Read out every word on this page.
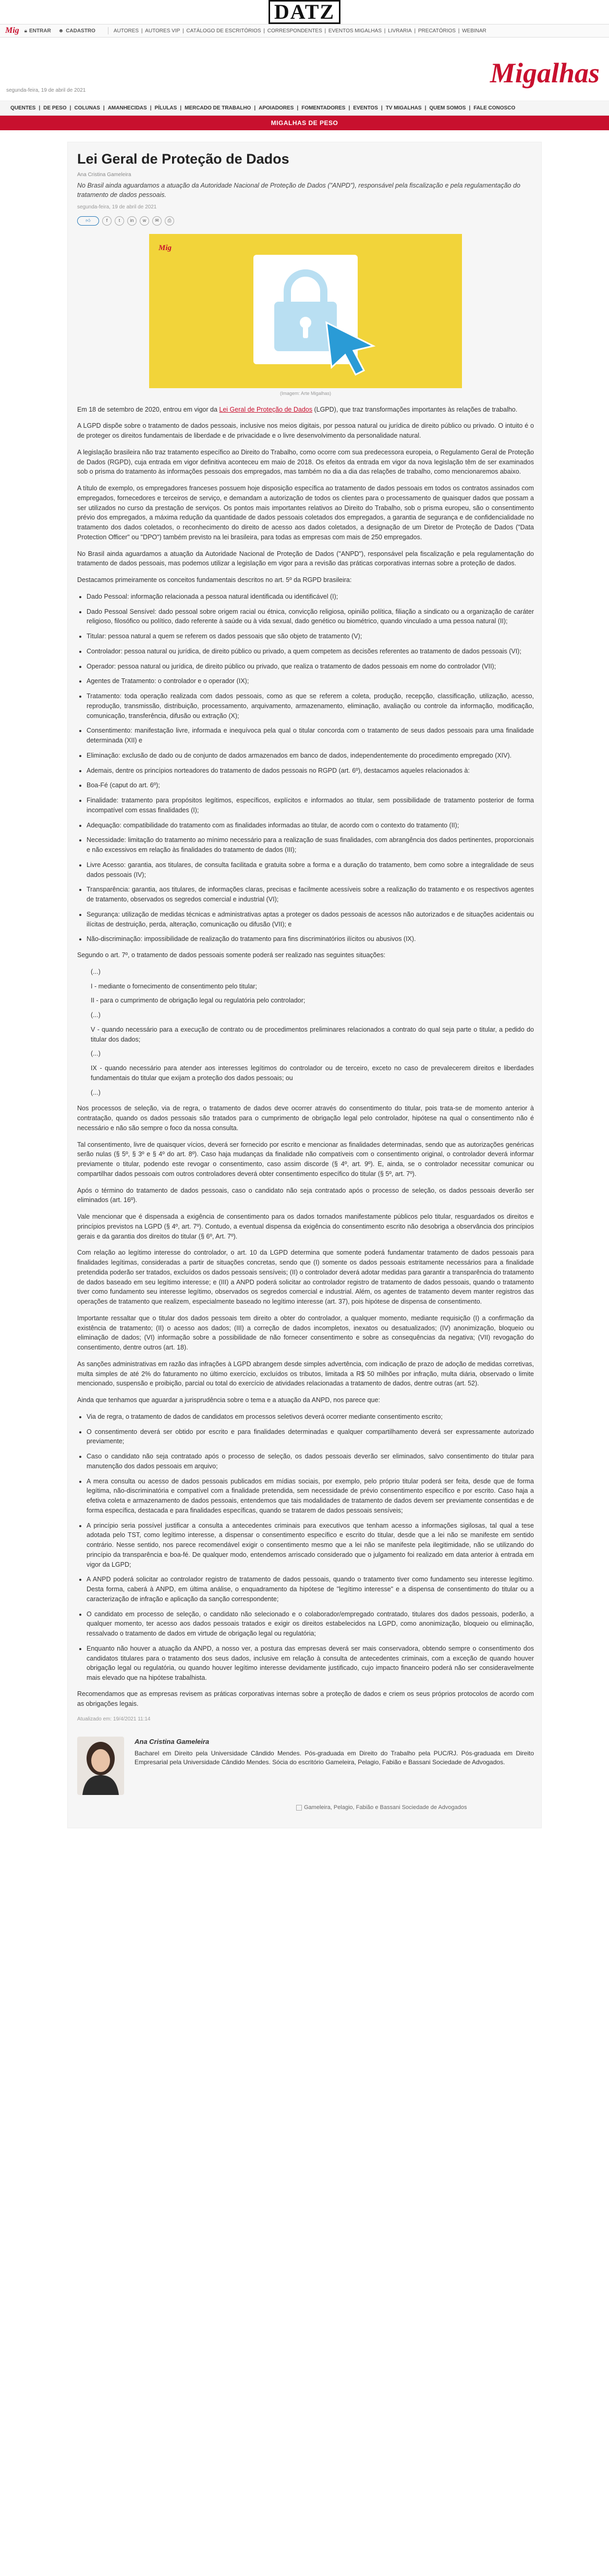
DATZ
Mig 🔒︎ ENTRAR ☻ CADASTRO	AUTORES | AUTORES VIP | CATÁLOGO DE ESCRITÓRIOS | CORRESPONDENTES | EVENTOS MIGALHAS | LIVRARIA | PRECATÓRIOS | WEBINAR
segunda-feira, 19 de abril de 2021
Migalhas
QUENTES | DE PESO | COLUNAS | AMANHECIDAS | PÍLULAS | MERCADO DE TRABALHO | APOIADORES | FOMENTADORES | EVENTOS | TV MIGALHAS | QUEM SOMOS | FALE CONOSCO
MIGALHAS DE PESO
Lei Geral de Proteção de Dados
Ana Cristina Gameleira
No Brasil ainda aguardamos a atuação da Autoridade Nacional de Proteção de Dados ("ANPD"), responsável pela fiscalização e pela regulamentação do tratamento de dados pessoais.
segunda-feira, 19 de abril de 2021
👍︎	f	t	in	w	✉	⎙
Mig
(Imagem: Arte Migalhas)

Em 18 de setembro de 2020, entrou em vigor da Lei Geral de Proteção de Dados (LGPD), que traz transformações importantes às relações de trabalho.

A LGPD dispõe sobre o tratamento de dados pessoais, inclusive nos meios digitais, por pessoa natural ou jurídica de direito público ou privado. O intuito é o de proteger os direitos fundamentais de liberdade e de privacidade e o livre desenvolvimento da personalidade natural.

A legislação brasileira não traz tratamento específico ao Direito do Trabalho, como ocorre com sua predecessora europeia, o Regulamento Geral de Proteção de Dados (RGPD), cuja entrada em vigor definitiva aconteceu em maio de 2018. Os efeitos da entrada em vigor da nova legislação têm de ser examinados sob o prisma do tratamento às informações pessoais dos empregados, mas também no dia a dia das relações de trabalho, como mencionaremos abaixo.

A título de exemplo, os empregadores franceses possuem hoje disposição específica ao tratamento de dados pessoais em todos os contratos assinados com empregados, fornecedores e terceiros de serviço, e demandam a autorização de todos os clientes para o processamento de quaisquer dados que possam a ser utilizados no curso da prestação de serviços. Os pontos mais importantes relativos ao Direito do Trabalho, sob o prisma europeu, são o consentimento prévio dos empregados, a máxima redução da quantidade de dados pessoais coletados dos empregados, a garantia de segurança e de confidencialidade no tratamento dos dados coletados, o reconhecimento do direito de acesso aos dados coletados, a designação de um Diretor de Proteção de Dados ("Data Protection Officer" ou "DPO") também previsto na lei brasileira, para todas as empresas com mais de 250 empregados.

No Brasil ainda aguardamos a atuação da Autoridade Nacional de Proteção de Dados ("ANPD"), responsável pela fiscalização e pela regulamentação do tratamento de dados pessoais, mas podemos utilizar a legislação em vigor para a revisão das práticas corporativas internas sobre a proteção de dados.

Destacamos primeiramente os conceitos fundamentais descritos no art. 5º da RGPD brasileira:

• Dado Pessoal: informação relacionada a pessoa natural identificada ou identificável (I);
• Dado Pessoal Sensível: dado pessoal sobre origem racial ou étnica, convicção religiosa, opinião política, filiação a sindicato ou a organização de caráter religioso, filosófico ou político, dado referente à saúde ou à vida sexual, dado genético ou biométrico, quando vinculado a uma pessoa natural (II);
• Titular: pessoa natural a quem se referem os dados pessoais que são objeto de tratamento (V);
• Controlador: pessoa natural ou jurídica, de direito público ou privado, a quem competem as decisões referentes ao tratamento de dados pessoais (VI);
• Operador: pessoa natural ou jurídica, de direito público ou privado, que realiza o tratamento de dados pessoais em nome do controlador (VII);
• Agentes de Tratamento: o controlador e o operador (IX);
• Tratamento: toda operação realizada com dados pessoais, como as que se referem a coleta, produção, recepção, classificação, utilização, acesso, reprodução, transmissão, distribuição, processamento, arquivamento, armazenamento, eliminação, avaliação ou controle da informação, modificação, comunicação, transferência, difusão ou extração (X);
• Consentimento: manifestação livre, informada e inequívoca pela qual o titular concorda com o tratamento de seus dados pessoais para uma finalidade determinada (XII) e
• Eliminação: exclusão de dado ou de conjunto de dados armazenados em banco de dados, independentemente do procedimento empregado (XIV).
• Ademais, dentre os princípios norteadores do tratamento de dados pessoais no RGPD (art. 6º), destacamos aqueles relacionados à:
• Boa-Fé (caput do art. 6º);
• Finalidade: tratamento para propósitos legítimos, específicos, explícitos e informados ao titular, sem possibilidade de tratamento posterior de forma incompatível com essas finalidades (I);
• Adequação: compatibilidade do tratamento com as finalidades informadas ao titular, de acordo com o contexto do tratamento (II);
• Necessidade: limitação do tratamento ao mínimo necessário para a realização de suas finalidades, com abrangência dos dados pertinentes, proporcionais e não excessivos em relação às finalidades do tratamento de dados (III);
• Livre Acesso: garantia, aos titulares, de consulta facilitada e gratuita sobre a forma e a duração do tratamento, bem como sobre a integralidade de seus dados pessoais (IV);
• Transparência: garantia, aos titulares, de informações claras, precisas e facilmente acessíveis sobre a realização do tratamento e os respectivos agentes de tratamento, observados os segredos comercial e industrial (VI);
• Segurança: utilização de medidas técnicas e administrativas aptas a proteger os dados pessoais de acessos não autorizados e de situações acidentais ou ilícitas de destruição, perda, alteração, comunicação ou difusão (VII); e
• Não-discriminação: impossibilidade de realização do tratamento para fins discriminatórios ilícitos ou abusivos (IX).

Segundo o art. 7º, o tratamento de dados pessoais somente poderá ser realizado nas seguintes situações:

(...)

I - mediante o fornecimento de consentimento pelo titular;

II - para o cumprimento de obrigação legal ou regulatória pelo controlador;

(...)

V - quando necessário para a execução de contrato ou de procedimentos preliminares relacionados a contrato do qual seja parte o titular, a pedido do titular dos dados;

(...)

IX - quando necessário para atender aos interesses legítimos do controlador ou de terceiro, exceto no caso de prevalecerem direitos e liberdades fundamentais do titular que exijam a proteção dos dados pessoais; ou

(...)

Nos processos de seleção, via de regra, o tratamento de dados deve ocorrer através do consentimento do titular, pois trata-se de momento anterior à contratação, quando os dados pessoais são tratados para o cumprimento de obrigação legal pelo controlador, hipótese na qual o consentimento não é necessário e não são sempre o foco da nossa consulta.

Tal consentimento, livre de quaisquer vícios, deverá ser fornecido por escrito e mencionar as finalidades determinadas, sendo que as autorizações genéricas serão nulas (§ 5º, § 3º e § 4º do art. 8º). Caso haja mudanças da finalidade não compatíveis com o consentimento original, o controlador deverá informar previamente o titular, podendo este revogar o consentimento, caso assim discorde (§ 4º, art. 9º). E, ainda, se o controlador necessitar comunicar ou compartilhar dados pessoais com outros controladores deverá obter consentimento específico do titular (§ 5º, art. 7º).

Após o término do tratamento de dados pessoais, caso o candidato não seja contratado após o processo de seleção, os dados pessoais deverão ser eliminados (art. 16º).

Vale mencionar que é dispensada a exigência de consentimento para os dados tornados manifestamente públicos pelo titular, resguardados os direitos e princípios previstos na LGPD (§ 4º, art. 7º). Contudo, a eventual dispensa da exigência do consentimento escrito não desobriga a observância dos princípios gerais e da garantia dos direitos do titular (§ 6º, Art. 7º).

Com relação ao legítimo interesse do controlador, o art. 10 da LGPD determina que somente poderá fundamentar tratamento de dados pessoais para finalidades legítimas, consideradas a partir de situações concretas, sendo que (I) somente os dados pessoais estritamente necessários para a finalidade pretendida poderão ser tratados, excluídos os dados pessoais sensíveis; (II) o controlador deverá adotar medidas para garantir a transparência do tratamento de dados baseado em seu legítimo interesse; e (III) a ANPD poderá solicitar ao controlador registro de tratamento de dados pessoais, quando o tratamento tiver como fundamento seu interesse legítimo, observados os segredos comercial e industrial. Além, os agentes de tratamento devem manter registros das operações de tratamento que realizem, especialmente baseado no legítimo interesse (art. 37), pois hipótese de dispensa de consentimento.

Importante ressaltar que o titular dos dados pessoais tem direito a obter do controlador, a qualquer momento, mediante requisição (I) a confirmação da existência de tratamento; (II) o acesso aos dados; (III) a correção de dados incompletos, inexatos ou desatualizados; (IV) anonimização, bloqueio ou eliminação de dados; (VI) informação sobre a possibilidade de não fornecer consentimento e sobre as consequências da negativa; (VII) revogação do consentimento, dentre outros (art. 18).

As sanções administrativas em razão das infrações à LGPD abrangem desde simples advertência, com indicação de prazo de adoção de medidas corretivas, multa simples de até 2% do faturamento no último exercício, excluídos os tributos, limitada a R$ 50 milhões por infração, multa diária, observado o limite mencionado, suspensão e proibição, parcial ou total do exercício de atividades relacionadas a tratamento de dados, dentre outras (art. 52).

Ainda que tenhamos que aguardar a jurisprudência sobre o tema e a atuação da ANPD, nos parece que:

• Via de regra, o tratamento de dados de candidatos em processos seletivos deverá ocorrer mediante consentimento escrito;
• O consentimento deverá ser obtido por escrito e para finalidades determinadas e qualquer compartilhamento deverá ser expressamente autorizado previamente;
• Caso o candidato não seja contratado após o processo de seleção, os dados pessoais deverão ser eliminados, salvo consentimento do titular para manutenção dos dados pessoais em arquivo;
• A mera consulta ou acesso de dados pessoais publicados em mídias sociais, por exemplo, pelo próprio titular poderá ser feita, desde que de forma legítima, não-discriminatória e compatível com a finalidade pretendida, sem necessidade de prévio consentimento específico e por escrito. Caso haja a efetiva coleta e armazenamento de dados pessoais, entendemos que tais modalidades de tratamento de dados devem ser previamente consentidas e de forma específica, destacada e para finalidades específicas, quando se tratarem de dados pessoais sensíveis;
• A princípio seria possível justificar a consulta a antecedentes criminais para executivos que tenham acesso a informações sigilosas, tal qual a tese adotada pelo TST, como legítimo interesse, a dispensar o consentimento específico e escrito do titular, desde que a lei não se manifeste em sentido contrário. Nesse sentido, nos parece recomendável exigir o consentimento mesmo que a lei não se manifeste pela ilegitimidade, não se utilizando do princípio da transparência e boa-fé. De qualquer modo, entendemos arriscado considerado que o julgamento foi realizado em data anterior à entrada em vigor da LGPD;
• A ANPD poderá solicitar ao controlador registro de tratamento de dados pessoais, quando o tratamento tiver como fundamento seu interesse legítimo. Desta forma, caberá à ANPD, em última análise, o enquadramento da hipótese de "legítimo interesse" e a dispensa de consentimento do titular ou a caracterização de infração e aplicação da sanção correspondente;
• O candidato em processo de seleção, o candidato não selecionado e o colaborador/empregado contratado, titulares dos dados pessoais, poderão, a qualquer momento, ter acesso aos dados pessoais tratados e exigir os direitos estabelecidos na LGPD, como anonimização, bloqueio ou eliminação, ressalvado o tratamento de dados em virtude de obrigação legal ou regulatória;
• Enquanto não houver a atuação da ANPD, a nosso ver, a postura das empresas deverá ser mais conservadora, obtendo sempre o consentimento dos candidatos titulares para o tratamento dos seus dados, inclusive em relação à consulta de antecedentes criminais, com a exceção de quando houver obrigação legal ou regulatória, ou quando houver legítimo interesse devidamente justificado, cujo impacto financeiro poderá não ser consideravelmente mais elevado que na hipótese trabalhista.

Recomendamos que as empresas revisem as práticas corporativas internas sobre a proteção de dados e criem os seus próprios protocolos de acordo com as obrigações legais.

Atualizado em: 19/4/2021 11:14
Ana Cristina Gameleira

Bacharel em Direito pela Universidade Cândido Mendes. Pós-graduada em Direito do Trabalho pela PUC/RJ. Pós-graduada em Direito Empresarial pela Universidade Cândido Mendes. Sócia do escritório Gameleira, Pelagio, Fabião e Bassani Sociedade de Advogados.

Gameleira, Pelagio, Fabião e Bassani Sociedade de Advogados
